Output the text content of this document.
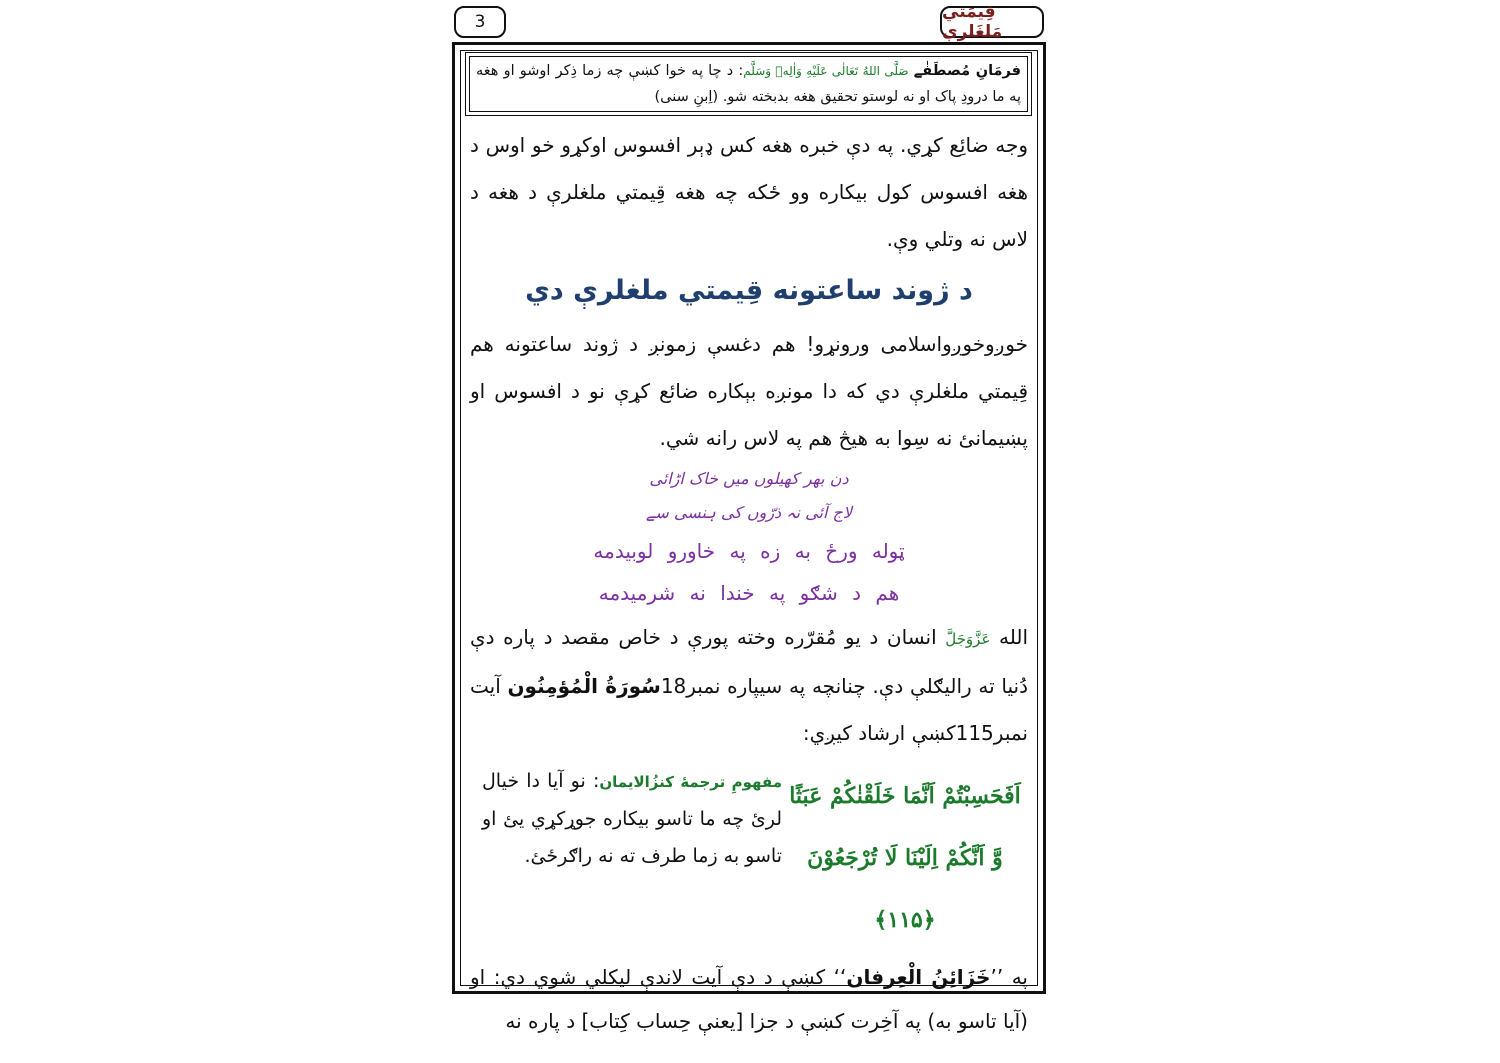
3	قِيمَتي مَلغَلرې
فرمَانِ مُصطَفٰے صَلَّى اللهُ تَعَالٰى عَلَيْهِ وَاٰلِهٖ وَسَلَّم: د چا په خوا کښې چه زما ذِکر اوشو او هغه په ما درودِ پاک او نه لوستو تحقيق هغه بدبخته شو. (اِبنِ سنی)

وجه ضائِع کړي. په دې خبره هغه کس ډېر افسوس اوکړو خو اوس د هغه افسوس کول بيکاره وو ځکه چه هغه قِيمتي ملغلرې د هغه د لاس نه وتلي وې.

د ژوند ساعتونه قِيمتي ملغلرې دي

خوږوخوږواسلامی ورونړو! هم دغسې زمونږ د ژوند ساعتونه هم قِيمتي ملغلرې دي که دا مونږه بېکاره ضائع کړې نو د افسوس او پښيمانئ نه سِوا به هيڅ هم په لاس رانه شي.

دن بھر کھیلوں میں خاک اڑائی
لاج آئی نہ ذرّوں کی ہنسی سے
ټوله ورځ به زه په خاورو لوبيدمه
هم د شګو په خندا نه شرميدمه

الله عَزَّوَجَلَّ انسان د يو مُقرّره وخته پورې د خاص مقصد د پاره دې دُنيا ته راليګلې دې. چنانچه په سيپاره نمبر18سُورَةُ الْمُؤمِنُون آيت نمبر115کښې ارشاد کيږي:

اَفَحَسِبْتُمْ اَنَّمَا خَلَقْنٰكُمْ عَبَثًا
وَّ اَنَّكُمْ اِلَيْنَا لَا تُرْجَعُوْنَ ﴿۱۱۵﴾
مفهومِ ترجمهٔ کنزُالایمان: نو آيا دا خيال لرئ چه ما تاسو بيکاره جوړکړي يئ او تاسو به زما طرف ته نه راګرځئ.

په ’’خَزَائِنُ الْعِرفان‘‘ کښې د دې آيت لاندې ليکلي شوي دي: او (آيا تاسو به) په آخِرت کښې د جزا [يعنې حِساب کِتاب] د پاره نه
